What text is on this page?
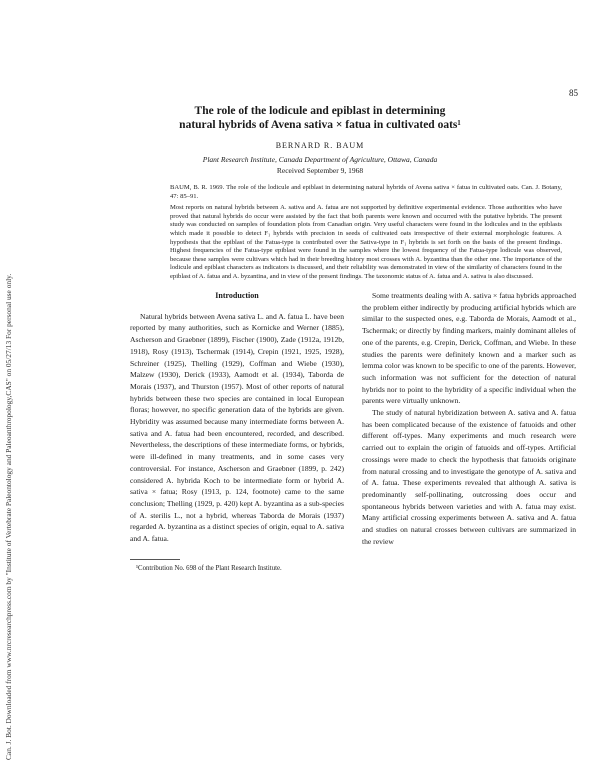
85
Can. J. Bot. Downloaded from www.nrcresearchpress.com by "Institute of Vertebrate Paleontology and Paleoanthropology,CAS" on 05/27/13 For personal use only.
The role of the lodicule and epiblast in determining
natural hybrids of Avena sativa × fatua in cultivated oats¹
BERNARD R. BAUM
Plant Research Institute, Canada Department of Agriculture, Ottawa, Canada
Received September 9, 1968

BAUM, B. R. 1969. The role of the lodicule and epiblast in determining natural hybrids of Avena sativa × fatua in cultivated oats. Can. J. Botany, 47: 85–91.

Most reports on natural hybrids between A. sativa and A. fatua are not supported by definitive experimental evidence. Those authorities who have proved that natural hybrids do occur were assisted by the fact that both parents were known and occurred with the putative hybrids. The present study was conducted on samples of foundation plots from Canadian origin. Very useful characters were found in the lodicules and in the epiblasts which made it possible to detect F₁ hybrids with precision in seeds of cultivated oats irrespective of their external morphologic features. A hypothesis that the epiblast of the Fatua-type is contributed over the Sativa-type in F₁ hybrids is set forth on the basis of the present findings. Highest frequencies of the Fatua-type epiblast were found in the samples where the lowest frequency of the Fatua-type lodicule was observed, because these samples were cultivars which had in their breeding history most crosses with A. byzantina than the other one. The importance of the lodicule and epiblast characters as indicators is discussed, and their reliability was demonstrated in view of the similarity of characters found in the epiblast of A. fatua and A. byzantina, and in view of the present findings. The taxonomic status of A. fatua and A. sativa is also discussed.

Introduction

Natural hybrids between Avena sativa L. and A. fatua L. have been reported by many authorities, such as Kornicke and Werner (1885), Ascherson and Graebner (1899), Fischer (1900), Zade (1912a, 1912b, 1918), Rosy (1913), Tschermak (1914), Crepin (1921, 1925, 1928), Schreiner (1925), Thelling (1929), Coffman and Wiebe (1930), Malzew (1930), Derick (1933), Aamodt et al. (1934), Taborda de Morais (1937), and Thurston (1957). Most of other reports of natural hybrids between these two species are contained in local European floras; however, no specific generation data of the hybrids are given. Hybridity was assumed because many intermediate forms between A. sativa and A. fatua had been encountered, recorded, and described. Nevertheless, the descriptions of these intermediate forms, or hybrids, were ill-defined in many treatments, and in some cases very controversial. For instance, Ascherson and Graebner (1899, p. 242) considered A. hybrida Koch to be intermediate form or hybrid A. sativa × fatua; Rosy (1913, p. 124, footnote) came to the same conclusion; Thelling (1929, p. 420) kept A. byzantina as a sub-species of A. sterilis L., not a hybrid, whereas Taborda de Morais (1937) regarded A. byzantina as a distinct species of origin, equal to A. sativa and A. fatua.

¹Contribution No. 698 of the Plant Research Institute.

Some treatments dealing with A. sativa × fatua hybrids approached the problem either indirectly by producing artificial hybrids which are similar to the suspected ones, e.g. Taborda de Morais, Aamodt et al., Tschermak; or directly by finding markers, mainly dominant alleles of one of the parents, e.g. Crepin, Derick, Coffman, and Wiebe. In these studies the parents were definitely known and a marker such as lemma color was known to be specific to one of the parents. However, such information was not sufficient for the detection of natural hybrids nor to point to the hybridity of a specific individual when the parents were virtually unknown.

The study of natural hybridization between A. sativa and A. fatua has been complicated because of the existence of fatuoids and other different off-types. Many experiments and much research were carried out to explain the origin of fatuoids and off-types. Artificial crossings were made to check the hypothesis that fatuoids originate from natural crossing and to investigate the genotype of A. sativa and of A. fatua. These experiments revealed that although A. sativa is predominantly self-pollinating, outcrossing does occur and spontaneous hybrids between varieties and with A. fatua may exist. Many artificial crossing experiments between A. sativa and A. fatua and studies on natural crosses between cultivars are summarized in the review
